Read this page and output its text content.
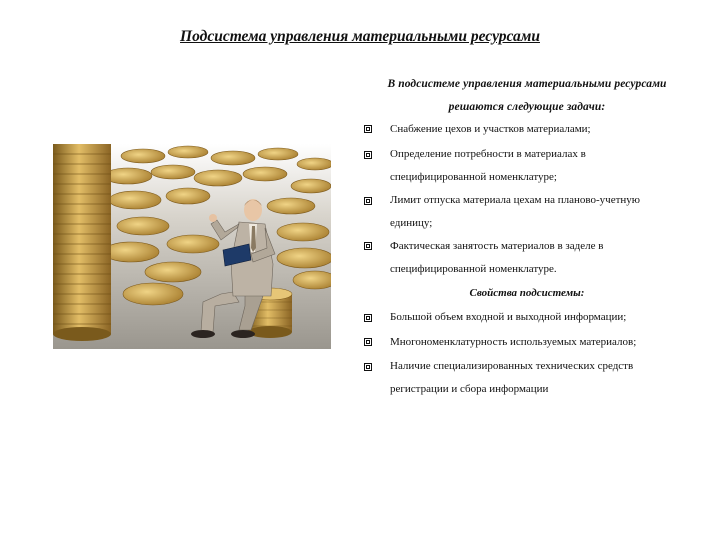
Подсистема управления материальными ресурсами
В подсистеме управления материальными ресурсами
решаются следующие задачи:
Снабжение цехов и участков материалами;
Определение потребности в материалах в
специфицированной номенклатуре;
Лимит отпуска материала цехам на планово-учетную
единицу;
Фактическая занятость материалов в заделе в
специфицированной номенклатуре.
Свойства подсистемы:
Большой объем входной и выходной информации;
Многономенклатурность используемых материалов;
Наличие специализированных технических средств
регистрации и сбора информации
